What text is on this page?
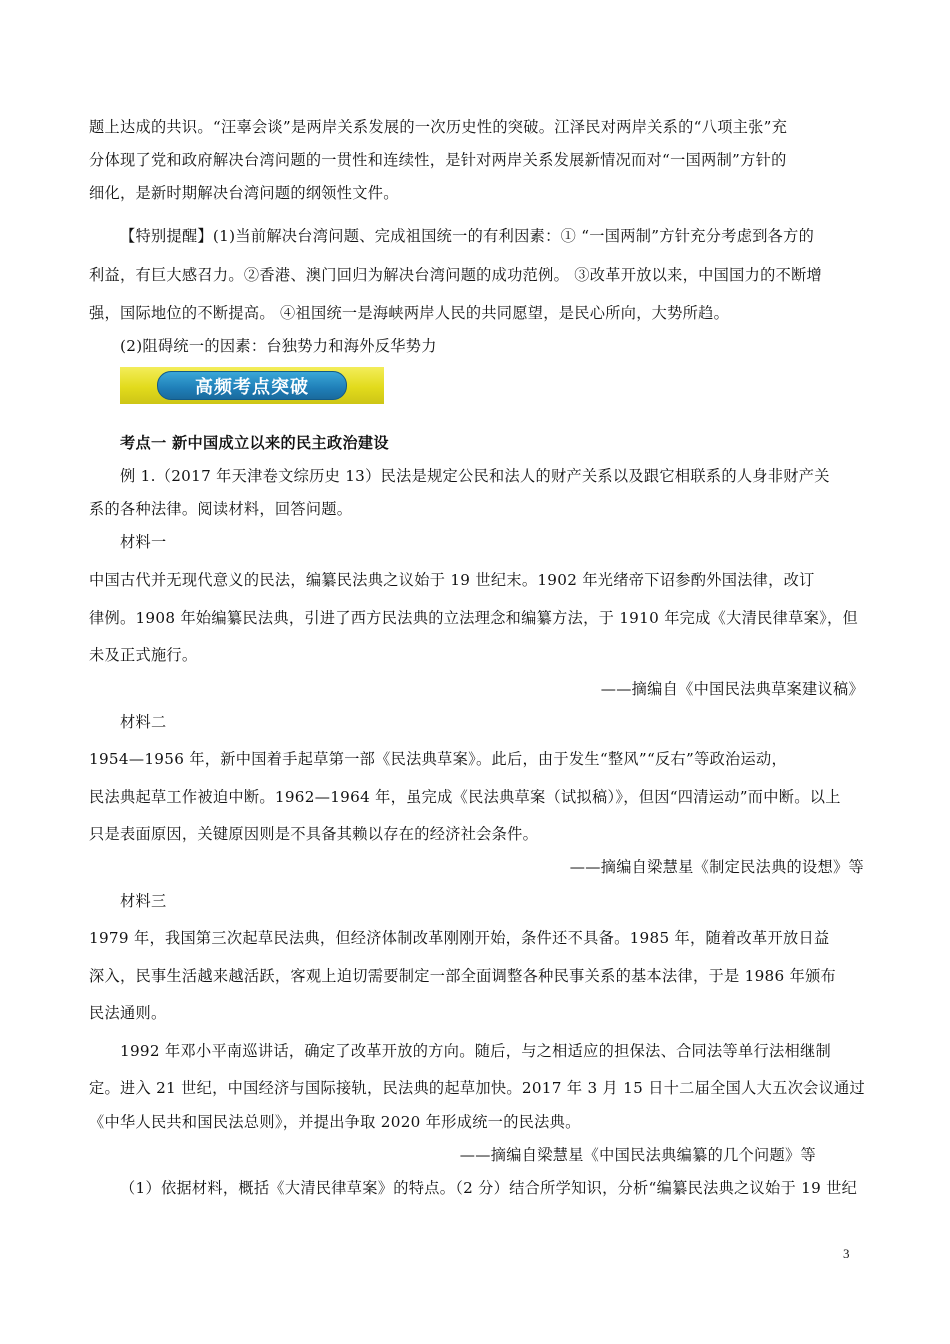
题上达成的共识。“汪辜会谈”是两岸关系发展的一次历史性的突破。江泽民对两岸关系的“八项主张”充
分体现了党和政府解决台湾问题的一贯性和连续性，是针对两岸关系发展新情况而对“一国两制”方针的
细化，是新时期解决台湾问题的纲领性文件。
【特别提醒】(1)当前解决台湾问题、完成祖国统一的有利因素：① “一国两制”方针充分考虑到各方的
利益，有巨大感召力。②香港、澳门回归为解决台湾问题的成功范例。 ③改革开放以来，中国国力的不断增
强，国际地位的不断提高。 ④祖国统一是海峡两岸人民的共同愿望，是民心所向，大势所趋。
(2)阻碍统一的因素：台独势力和海外反华势力
高频考点突破
考点一 新中国成立以来的民主政治建设
例 1.（2017 年天津卷文综历史 13）民法是规定公民和法人的财产关系以及跟它相联系的人身非财产关
系的各种法律。阅读材料，回答问题。
材料一
中国古代并无现代意义的民法，编纂民法典之议始于 19 世纪末。1902 年光绪帝下诏参酌外国法律，改订
律例。1908 年始编纂民法典，引进了西方民法典的立法理念和编纂方法，于 1910 年完成《大清民律草案》，但
未及正式施行。
——摘编自《中国民法典草案建议稿》
材料二
1954—1956 年，新中国着手起草第一部《民法典草案》。此后，由于发生“整风”“反右”等政治运动，
民法典起草工作被迫中断。1962—1964 年，虽完成《民法典草案（试拟稿）》，但因“四清运动”而中断。以上
只是表面原因，关键原因则是不具备其赖以存在的经济社会条件。
——摘编自梁慧星《制定民法典的设想》等
材料三
1979 年，我国第三次起草民法典，但经济体制改革刚刚开始，条件还不具备。1985 年，随着改革开放日益
深入，民事生活越来越活跃，客观上迫切需要制定一部全面调整各种民事关系的基本法律，于是 1986 年颁布
民法通则。
1992 年邓小平南巡讲话，确定了改革开放的方向。随后，与之相适应的担保法、合同法等单行法相继制
定。进入 21 世纪，中国经济与国际接轨，民法典的起草加快。2017 年 3 月 15 日十二届全国人大五次会议通过
《中华人民共和国民法总则》，并提出争取 2020 年形成统一的民法典。
——摘编自梁慧星《中国民法典编纂的几个问题》等
（1）依据材料，概括《大清民律草案》的特点。（2 分）结合所学知识，分析“编纂民法典之议始于 19 世纪
3
